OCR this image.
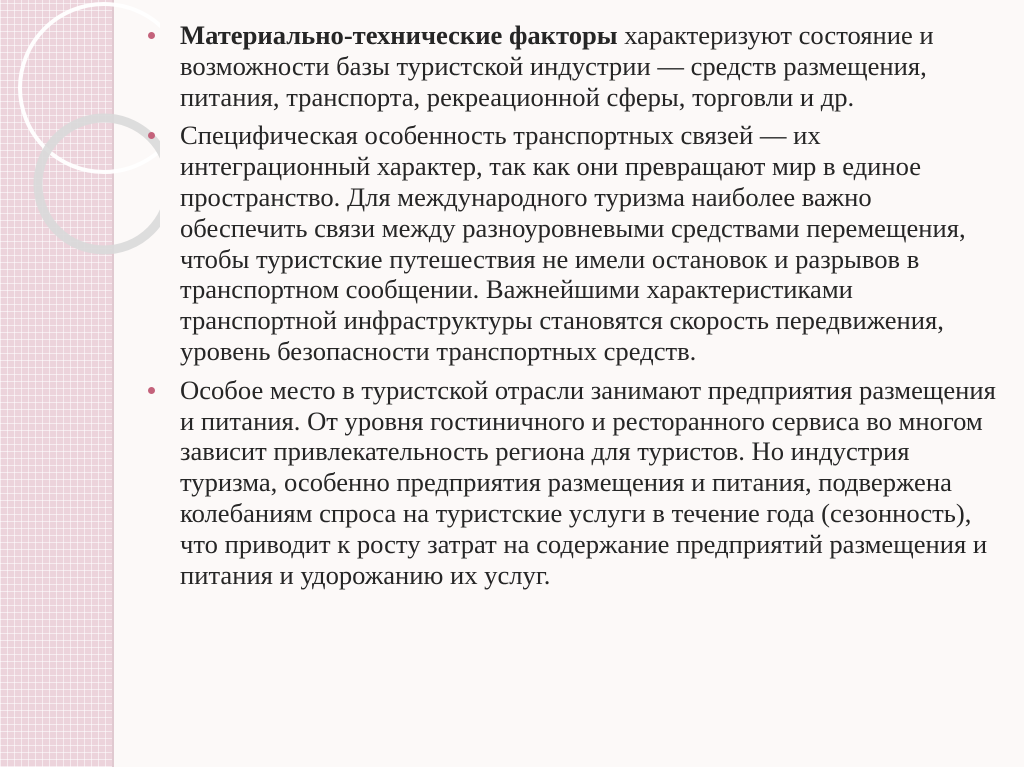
Материально-технические факторы характеризуют состояние и возможности базы туристской индустрии — средств размещения, питания, транспорта, рекреационной сферы, торговли и др.
Специфическая особенность транспортных связей — их интеграционный характер, так как они превращают мир в единое пространство. Для международного туризма наиболее важно обеспечить связи между разноуровневыми средствами перемещения, чтобы туристские путешествия не имели остановок и разрывов в транспортном сообщении. Важнейшими характеристиками транспортной инфраструктуры становятся скорость передвижения, уровень безопасности транспортных средств.
Особое место в туристской отрасли занимают предприятия размещения и питания. От уровня гостиничного и ресторанного сервиса во многом зависит привлекательность региона для туристов. Но индустрия туризма, особенно предприятия размещения и питания, подвержена колебаниям спроса на туристские услуги в течение года (сезонность), что приводит к росту затрат на содержание предприятий размещения и питания и удорожанию их услуг.
